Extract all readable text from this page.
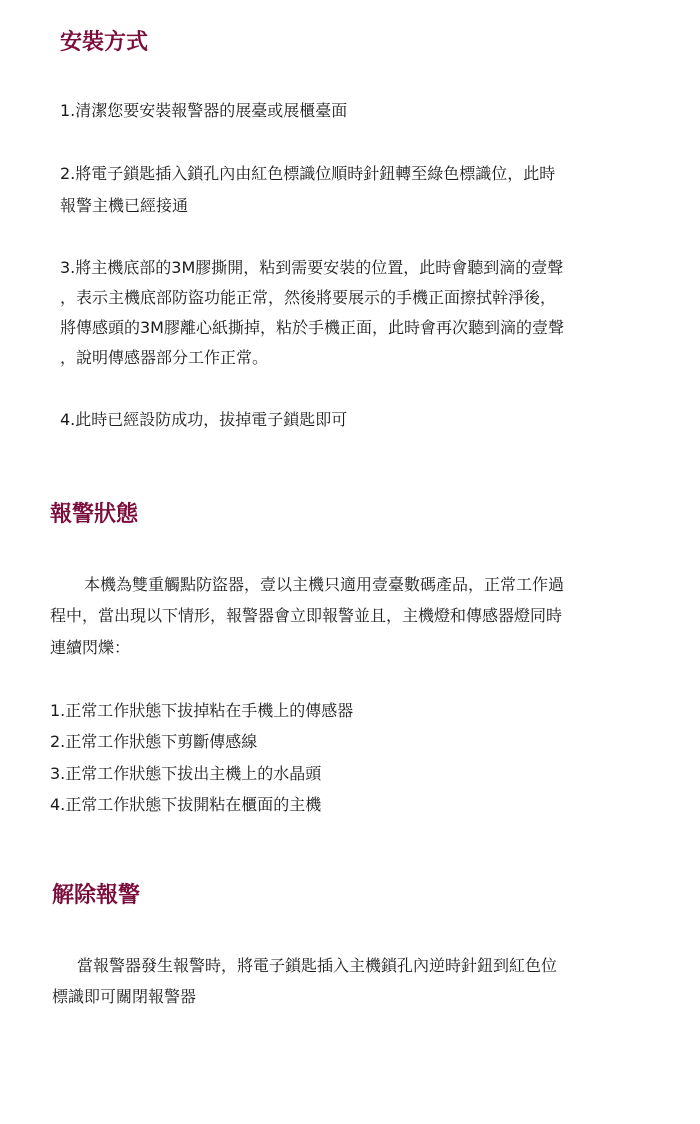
安裝方式

1.清潔您要安裝報警器的展臺或展櫃臺面

2.將電子鎖匙插入鎖孔內由紅色標識位順時針鈕轉至綠色標識位，此時

報警主機已經接通

3.將主機底部的3M膠撕開，粘到需要安裝的位置，此時會聽到滴的壹聲

，表示主機底部防盜功能正常，然後將要展示的手機正面擦拭幹淨後，

將傳感頭的3M膠離心紙撕掉，粘於手機正面，此時會再次聽到滴的壹聲

，說明傳感器部分工作正常。

4.此時已經設防成功，拔掉電子鎖匙即可

報警狀態

本機為雙重觸點防盜器，壹以主機只適用壹臺數碼產品，正常工作過

程中，當出現以下情形，報警器會立即報警並且，主機燈和傳感器燈同時

連續閃爍：

1.正常工作狀態下拔掉粘在手機上的傳感器

2.正常工作狀態下剪斷傳感線

3.正常工作狀態下拔出主機上的水晶頭

4.正常工作狀態下拔開粘在櫃面的主機

解除報警

當報警器發生報警時，將電子鎖匙插入主機鎖孔內逆時針鈕到紅色位

標識即可關閉報警器
